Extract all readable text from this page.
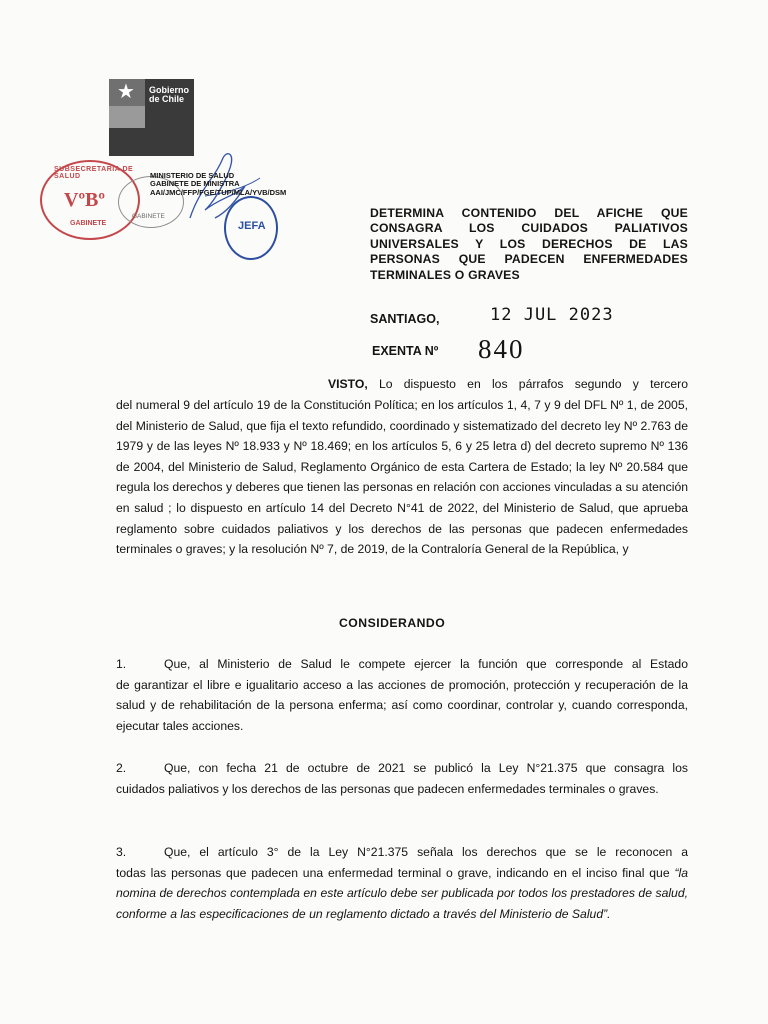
★ Gobierno de Chile
SUBSECRETARIA DE SALUD
VºBº
GABINETE
GABINETE
JEFA
MINISTERIO DE SALUD
GABINETE DE MINISTRA
AAI/JMC/FFP/FGE/TUP/MLA/YVB/DSM
DETERMINA CONTENIDO DEL AFICHE QUE CONSAGRA LOS CUIDADOS PALIATIVOS UNIVERSALES Y LOS DERECHOS DE LAS PERSONAS QUE PADECEN ENFERMEDADES TERMINALES O GRAVES
SANTIAGO,	12 JUL 2023
EXENTA Nº 840
VISTO, Lo dispuesto en los párrafos segundo y tercero
del numeral 9 del artículo 19 de la Constitución Política; en los artículos 1, 4, 7 y 9 del DFL Nº 1, de 2005, del Ministerio de Salud, que fija el texto refundido, coordinado y sistematizado del decreto ley Nº 2.763 de 1979 y de las leyes Nº 18.933 y Nº 18.469; en los artículos 5, 6 y 25 letra d) del decreto supremo Nº 136 de 2004, del Ministerio de Salud, Reglamento Orgánico de esta Cartera de Estado; la ley Nº 20.584 que regula los derechos y deberes que tienen las personas en relación con acciones vinculadas a su atención en salud ; lo dispuesto en artículo 14 del Decreto N°41 de 2022, del Ministerio de Salud, que aprueba reglamento sobre cuidados paliativos y los derechos de las personas que padecen enfermedades terminales o graves; y la resolución Nº 7, de 2019, de la Contraloría General de la República, y
CONSIDERANDO
1.	Que, al Ministerio de Salud le compete ejercer la función que corresponde al Estado
de garantizar el libre e igualitario acceso a las acciones de promoción, protección y recuperación de la salud y de rehabilitación de la persona enferma; así como coordinar, controlar y, cuando corresponda, ejecutar tales acciones.
2.	Que, con fecha 21 de octubre de 2021 se publicó la Ley N°21.375 que consagra los
cuidados paliativos y los derechos de las personas que padecen enfermedades terminales o graves.
3.	Que, el artículo 3° de la Ley N°21.375 señala los derechos que se le reconocen a
todas las personas que padecen una enfermedad terminal o grave, indicando en el inciso final que “la nomina de derechos contemplada en este artículo debe ser publicada por todos los prestadores de salud, conforme a las especificaciones de un reglamento dictado a través del Ministerio de Salud”.
